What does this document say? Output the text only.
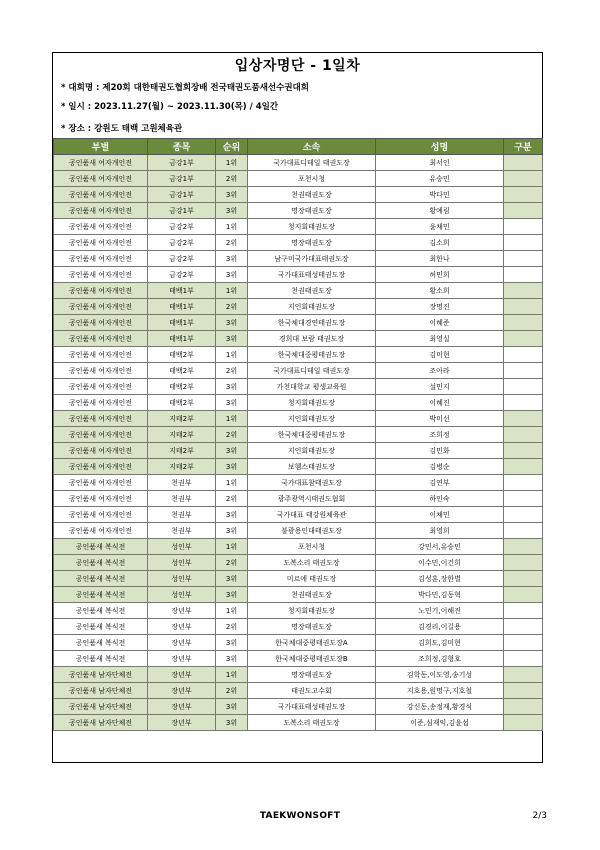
입상자명단 - 1일차
* 대회명 : 제20회 대한태권도협회장배 전국태권도품새선수권대회
* 일시 : 2023.11.27(월) ~ 2023.11.30(목) / 4일간
* 장소 : 강원도 태백 고원체육관
부별	종목	순위	소속	성명	구분
공인품새 여자개인전	금강1부	1위	국가대표디테일 태권도장	최서인	
공인품새 여자개인전	금강1부	2위	포천시청	유승민	
공인품새 여자개인전	금강1부	3위	천권태권도장	박다민	
공인품새 여자개인전	금강1부	3위	명장태권도장	황예림	
공인품새 여자개인전	금강2부	1위	청지회태권도장	윤채민	
공인품새 여자개인전	금강2부	2위	명장태권도장	김소희	
공인품새 여자개인전	금강2부	3위	남구미국가대표태권도장	최한나	
공인품새 여자개인전	금강2부	3위	국가대표태성태권도장	허민희	
공인품새 여자개인전	태백1부	1위	천권태권도장	황소희	
공인품새 여자개인전	태백1부	2위	지인회태권도장	장명진	
공인품새 여자개인전	태백1부	3위	한국체대경연태권도장	이혜준	
공인품새 여자개인전	태백1부	3위	경희대 보람 태권도장	최영실	
공인품새 여자개인전	태백2부	1위	한국체대중평태권도장	김미현	
공인품새 여자개인전	태백2부	2위	국가대표디테일 태권도장	조아라	
공인품새 여자개인전	태백2부	3위	가천대학교 평생교육원	설민지	
공인품새 여자개인전	태백2부	3위	청지회태권도장	이혜진	
공인품새 여자개인전	지태2부	1위	지인회태권도장	박미선	
공인품새 여자개인전	지태2부	2위	한국체대중평태권도장	조희정	
공인품새 여자개인전	지태2부	3위	지인회태권도장	김민화	
공인품새 여자개인전	지태2부	3위	보헴스태권도장	김병순	
공인품새 여자개인전	천권부	1위	국가대표참태권도장	김연부	
공인품새 여자개인전	천권부	2위	광주광역시태권도협회	하인숙	
공인품새 여자개인전	천권부	3위	국가대표 태강원체육관	이채민	
공인품새 여자개인전	천권부	3위	불광용인대태권도장	최영희	
공인품새 복식전	성인부	1위	포천시청	강민서,유승민	
공인품새 복식전	성인부	2위	도복소리 태권도장	이수민,이건희	
공인품새 복식전	성인부	3위	미르에 태권도장	김성훈,장한별	
공인품새 복식전	성인부	3위	천권태권도장	박다민,김동혁	
공인품새 복식전	장년부	1위	청지회태권도장	노민기,이해진	
공인품새 복식전	장년부	2위	명장태권도장	김경리,이길용	
공인품새 복식전	장년부	3위	한국체대중평태권도장A	김희도,김미현	
공인품새 복식전	장년부	3위	한국체대중평태권도장B	조희정,김형호	
공인품새 남자단체전	장년부	1위	명장태권도장	김학동,이도영,송기성	
공인품새 남자단체전	장년부	2위	태권도고수회	지호용,원명구,지호철	
공인품새 남자단체전	장년부	3위	국가대표태성태권도장	강신동,송정재,황경식	
공인품새 남자단체전	장년부	3위	도복소리 태권도장	이준,심재익,김윤섭	
TAEKWONSOFT	2/3
